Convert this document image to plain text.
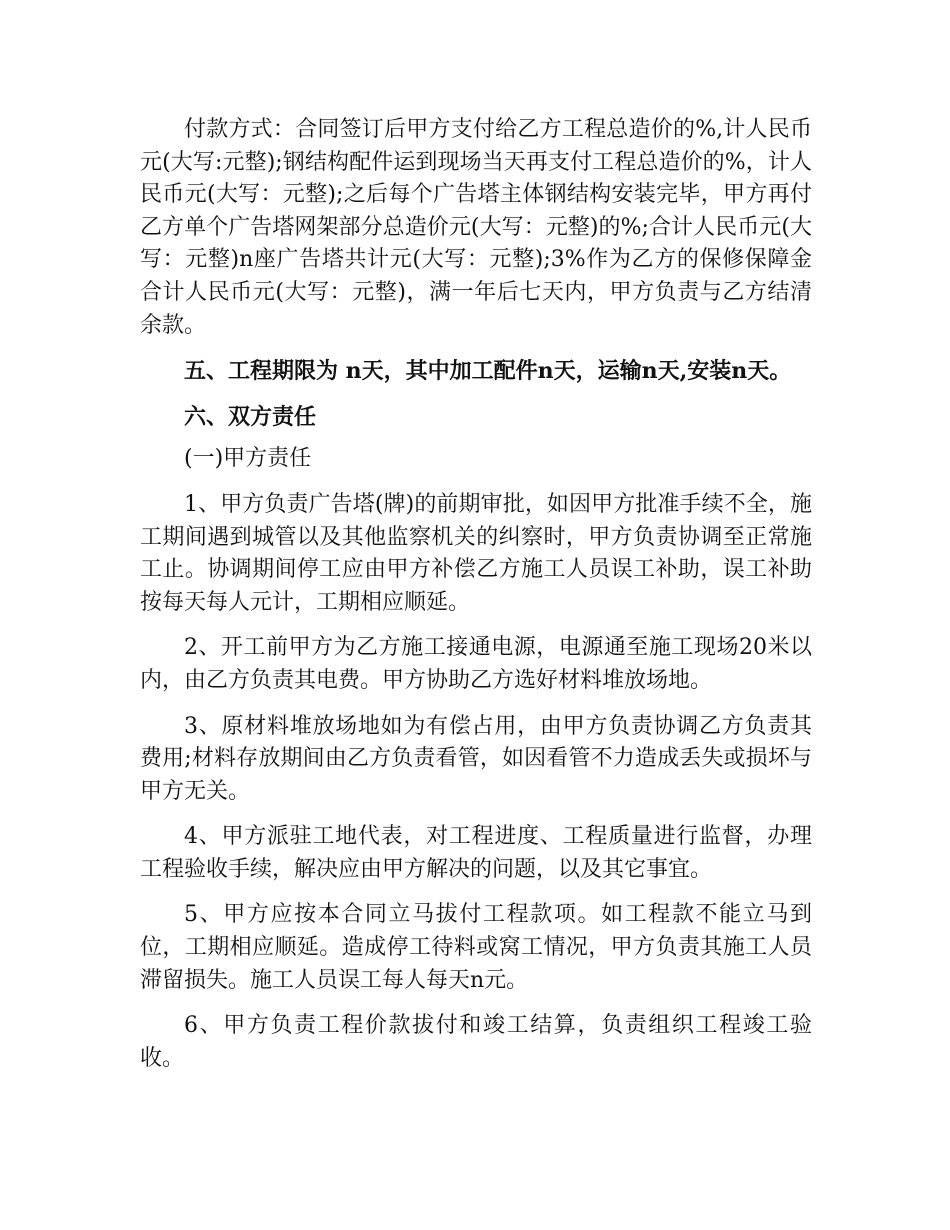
付款方式：合同签订后甲方支付给乙方工程总造价的%,计人民币元(大写:元整);钢结构配件运到现场当天再支付工程总造价的%，计人民币元(大写：元整);之后每个广告塔主体钢结构安装完毕，甲方再付乙方单个广告塔网架部分总造价元(大写：元整)的%;合计人民币元(大写：元整)n座广告塔共计元(大写：元整);3%作为乙方的保修保障金合计人民币元(大写：元整)，满一年后七天内，甲方负责与乙方结清余款。

五、工程期限为 n天，其中加工配件n天，运输n天,安装n天。

六、双方责任

(一)甲方责任

1、甲方负责广告塔(牌)的前期审批，如因甲方批准手续不全，施工期间遇到城管以及其他监察机关的纠察时，甲方负责协调至正常施工止。协调期间停工应由甲方补偿乙方施工人员误工补助，误工补助按每天每人元计，工期相应顺延。

2、开工前甲方为乙方施工接通电源，电源通至施工现场20米以内，由乙方负责其电费。甲方协助乙方选好材料堆放场地。

3、原材料堆放场地如为有偿占用，由甲方负责协调乙方负责其费用;材料存放期间由乙方负责看管，如因看管不力造成丢失或损坏与甲方无关。

4、甲方派驻工地代表，对工程进度、工程质量进行监督，办理工程验收手续，解决应由甲方解决的问题，以及其它事宜。

5、甲方应按本合同立马拔付工程款项。如工程款不能立马到位，工期相应顺延。造成停工待料或窝工情况，甲方负责其施工人员滞留损失。施工人员误工每人每天n元。

6、甲方负责工程价款拔付和竣工结算，负责组织工程竣工验收。
